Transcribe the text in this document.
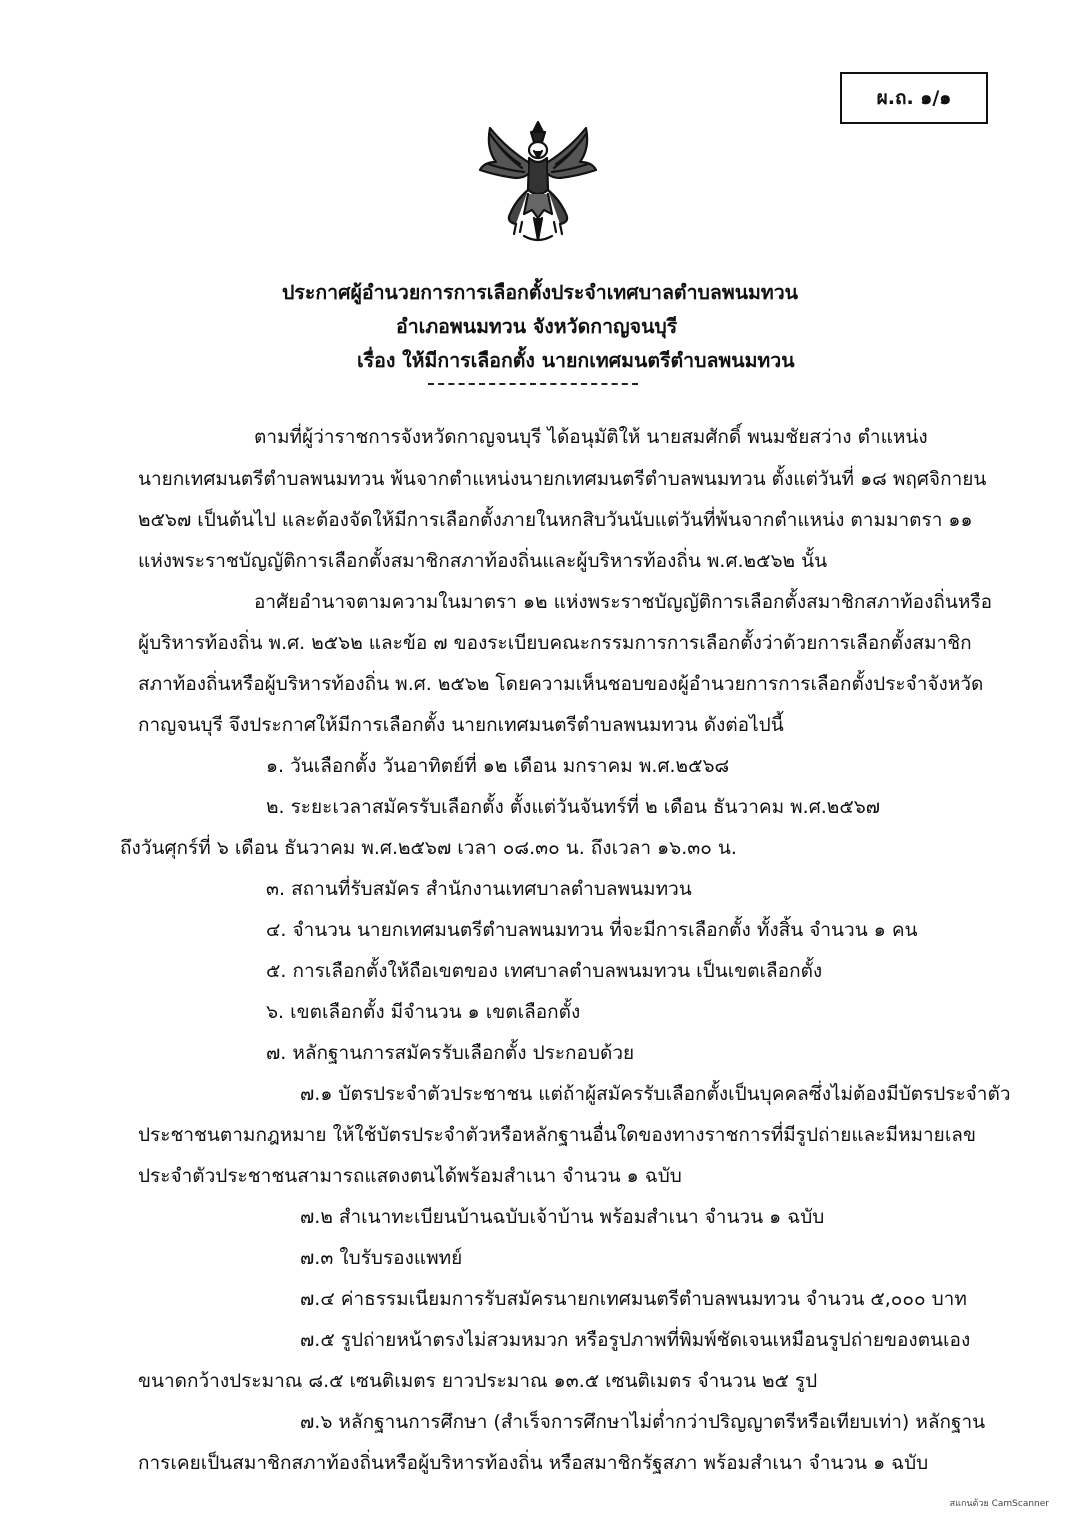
ผ.ถ. ๑/๑
ประกาศผู้อำนวยการการเลือกตั้งประจำเทศบาลตำบลพนมทวน
อำเภอพนมทวน จังหวัดกาญจนบุรี
เรื่อง ให้มีการเลือกตั้ง นายกเทศมนตรีตำบลพนมทวน
ตามที่ผู้ว่าราชการจังหวัดกาญจนบุรี ได้อนุมัติให้ นายสมศักดิ์ พนมชัยสว่าง ตำแหน่ง
นายกเทศมนตรีตำบลพนมทวน พ้นจากตำแหน่งนายกเทศมนตรีตำบลพนมทวน ตั้งแต่วันที่ ๑๘ พฤศจิกายน
๒๕๖๗ เป็นต้นไป และต้องจัดให้มีการเลือกตั้งภายในหกสิบวันนับแต่วันที่พ้นจากตำแหน่ง ตามมาตรา ๑๑
แห่งพระราชบัญญัติการเลือกตั้งสมาชิกสภาท้องถิ่นและผู้บริหารท้องถิ่น พ.ศ.๒๕๖๒ นั้น
อาศัยอำนาจตามความในมาตรา ๑๒ แห่งพระราชบัญญัติการเลือกตั้งสมาชิกสภาท้องถิ่นหรือ
ผู้บริหารท้องถิ่น พ.ศ. ๒๕๖๒ และข้อ ๗ ของระเบียบคณะกรรมการการเลือกตั้งว่าด้วยการเลือกตั้งสมาชิก
สภาท้องถิ่นหรือผู้บริหารท้องถิ่น พ.ศ. ๒๕๖๒ โดยความเห็นชอบของผู้อำนวยการการเลือกตั้งประจำจังหวัด
กาญจนบุรี จึงประกาศให้มีการเลือกตั้ง นายกเทศมนตรีตำบลพนมทวน ดังต่อไปนี้
๑. วันเลือกตั้ง วันอาทิตย์ที่ ๑๒ เดือน มกราคม พ.ศ.๒๕๖๘
๒. ระยะเวลาสมัครรับเลือกตั้ง ตั้งแต่วันจันทร์ที่ ๒ เดือน ธันวาคม พ.ศ.๒๕๖๗
ถึงวันศุกร์ที่ ๖ เดือน ธันวาคม พ.ศ.๒๕๖๗ เวลา ๐๘.๓๐ น. ถึงเวลา ๑๖.๓๐ น.
๓. สถานที่รับสมัคร สำนักงานเทศบาลตำบลพนมทวน
๔. จำนวน นายกเทศมนตรีตำบลพนมทวน ที่จะมีการเลือกตั้ง ทั้งสิ้น จำนวน ๑ คน
๕. การเลือกตั้งให้ถือเขตของ เทศบาลตำบลพนมทวน เป็นเขตเลือกตั้ง
๖. เขตเลือกตั้ง มีจำนวน ๑ เขตเลือกตั้ง
๗. หลักฐานการสมัครรับเลือกตั้ง ประกอบด้วย
๗.๑ บัตรประจำตัวประชาชน แต่ถ้าผู้สมัครรับเลือกตั้งเป็นบุคคลซึ่งไม่ต้องมีบัตรประจำตัว
ประชาชนตามกฎหมาย ให้ใช้บัตรประจำตัวหรือหลักฐานอื่นใดของทางราชการที่มีรูปถ่ายและมีหมายเลข
ประจำตัวประชาชนสามารถแสดงตนได้พร้อมสำเนา จำนวน ๑ ฉบับ
๗.๒ สำเนาทะเบียนบ้านฉบับเจ้าบ้าน พร้อมสำเนา จำนวน ๑ ฉบับ
๗.๓ ใบรับรองแพทย์
๗.๔ ค่าธรรมเนียมการรับสมัครนายกเทศมนตรีตำบลพนมทวน จำนวน ๕,๐๐๐ บาท
๗.๕ รูปถ่ายหน้าตรงไม่สวมหมวก หรือรูปภาพที่พิมพ์ชัดเจนเหมือนรูปถ่ายของตนเอง
ขนาดกว้างประมาณ ๘.๕ เซนติเมตร ยาวประมาณ ๑๓.๕ เซนติเมตร จำนวน ๒๕ รูป
๗.๖ หลักฐานการศึกษา (สำเร็จการศึกษาไม่ต่ำกว่าปริญญาตรีหรือเทียบเท่า) หลักฐาน
การเคยเป็นสมาชิกสภาท้องถิ่นหรือผู้บริหารท้องถิ่น หรือสมาชิกรัฐสภา พร้อมสำเนา จำนวน ๑ ฉบับ
สแกนด้วย CamScanner
